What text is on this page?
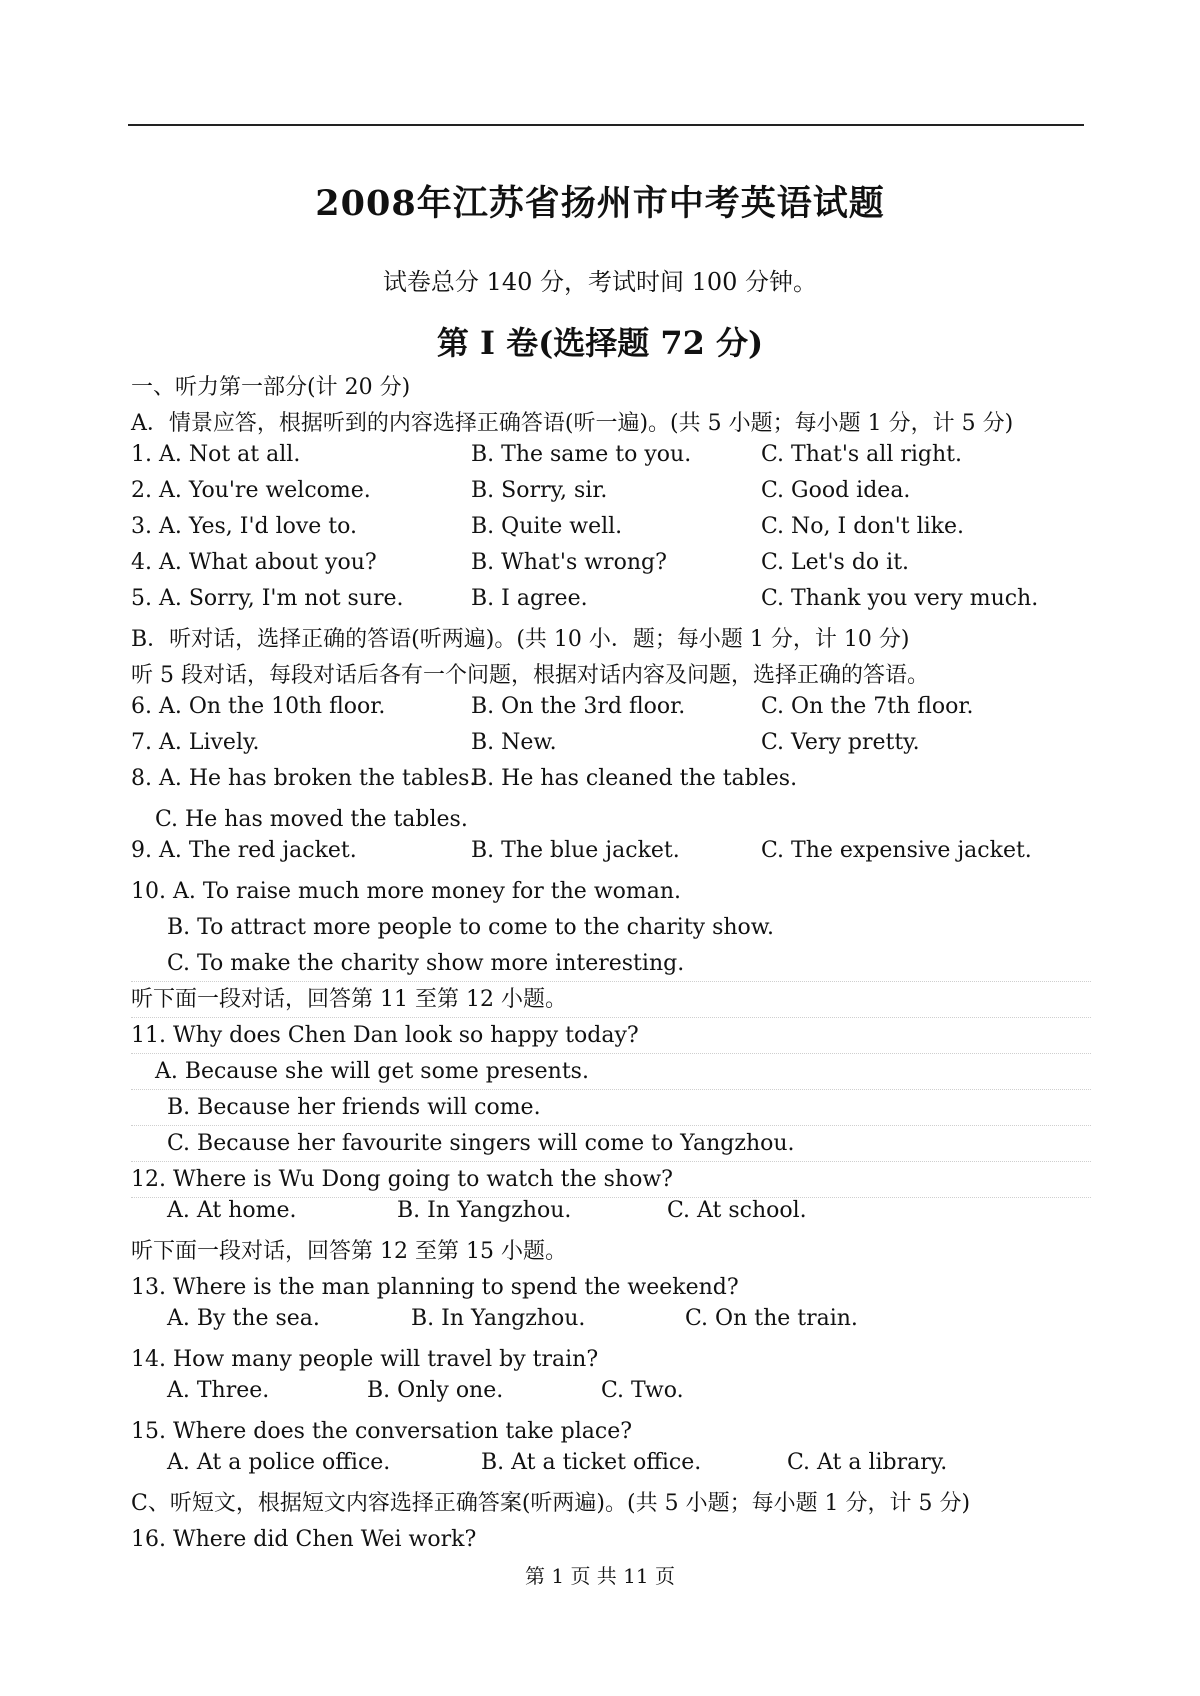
2008年江苏省扬州市中考英语试题
试卷总分 140 分，考试时间 100 分钟。
第 I 卷(选择题 72 分)
一、听力第一部分(计 20 分)
A．情景应答，根据听到的内容选择正确答语(听一遍)。(共 5 小题；每小题 1 分，计 5 分)
1. A. Not at all.	B. The same to you.	C. That's all right.
2. A. You're welcome.	B. Sorry, sir.	C. Good idea.
3. A. Yes, I'd love to.	B. Quite well.	C. No, I don't like.
4. A. What about you?	B. What's wrong?	C. Let's do it.
5. A. Sorry, I'm not sure.	B. I agree.	C. Thank you very much.
B．听对话，选择正确的答语(听两遍)。(共 10 小．题；每小题 1 分，计 10 分)
听 5 段对话，每段对话后各有一个问题，根据对话内容及问题，选择正确的答语。
6. A. On the 10th floor.	B. On the 3rd floor.	C. On the 7th floor.
7. A. Lively.	B. New.	C. Very pretty.
8. A. He has broken the tables.
B. He has cleaned the tables.
C. He has moved the tables.
9. A. The red jacket.	B. The blue jacket.	C. The expensive jacket.
10. A. To raise much more money for the woman.
B. To attract more people to come to the charity show.
C. To make the charity show more interesting.
听下面一段对话，回答第 11 至第 12 小题。
11. Why does Chen Dan look so happy today?
A. Because she will get some presents.
B. Because her friends will come.
C. Because her favourite singers will come to Yangzhou.
12. Where is Wu Dong going to watch the show?
A. At home.	B. In Yangzhou.	C. At school.
听下面一段对话，回答第 12 至第 15 小题。
13. Where is the man planning to spend the weekend?
A. By the sea.	B. In Yangzhou.	C. On the train.
14. How many people will travel by train?
A. Three.	B. Only one.	C. Two.
15. Where does the conversation take place?
A. At a police office.	B. At a ticket office.	C. At a library.
C、听短文，根据短文内容选择正确答案(听两遍)。(共 5 小题；每小题 1 分，计 5 分)
16. Where did Chen Wei work?
第 1 页 共 11 页
